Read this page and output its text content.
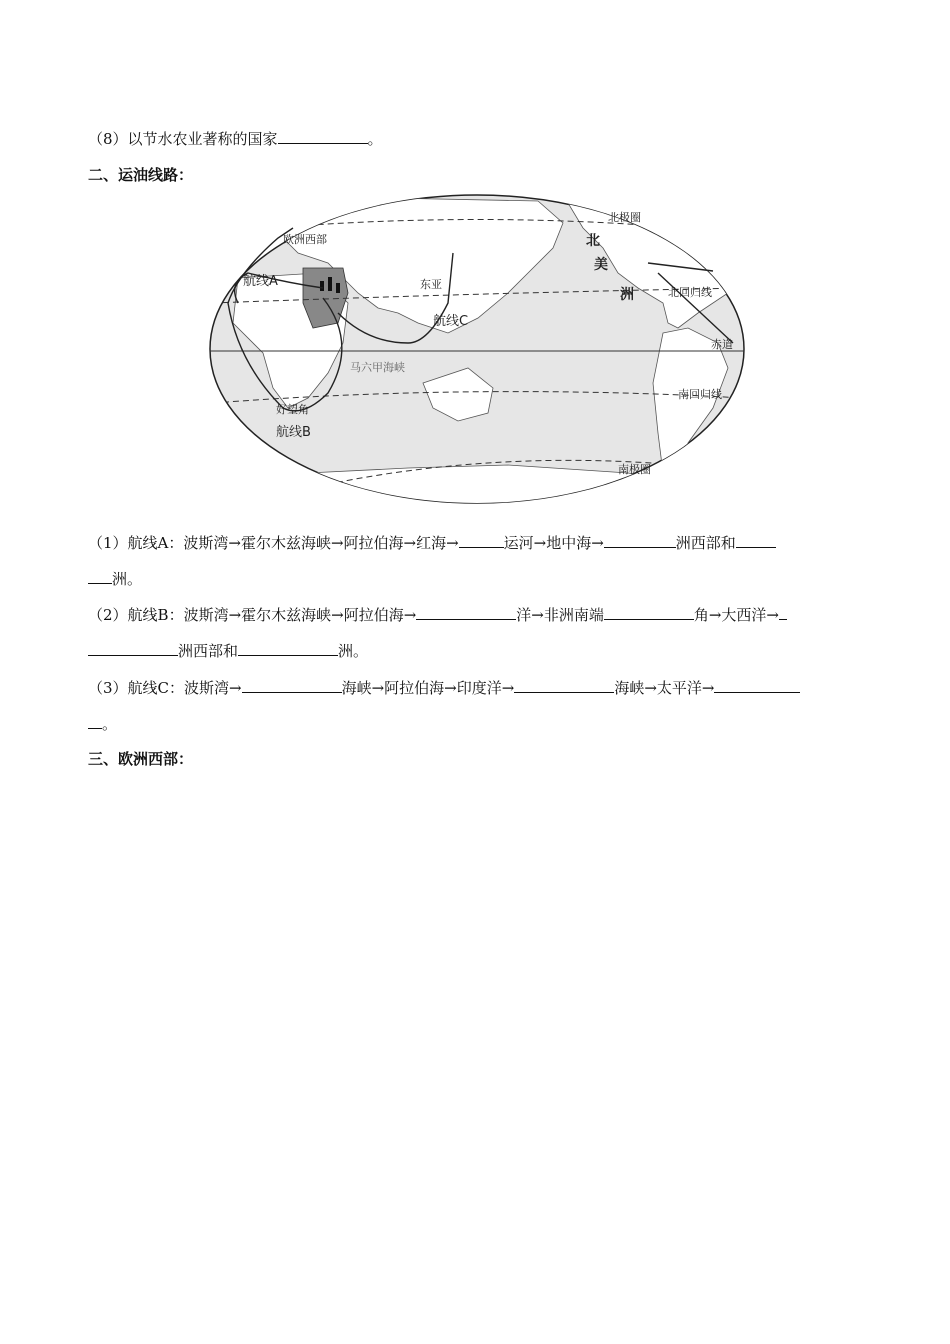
（8）以节水农业著称的国家	。
二、运油线路：
欧洲西部
航线A
航线B
航线C
东亚
好望角
马六甲海峡
北
美
洲
北极圈
北回归线
赤道
南回归线
南极圈
（1）航线A：波斯湾→霍尔木兹海峡→阿拉伯海→红海→	运河→地中海→	洲西部和
洲。
（2）航线B：波斯湾→霍尔木兹海峡→阿拉伯海→	洋→非洲南端	角→大西洋→
洲西部和	洲。
（3）航线C：波斯湾→	海峡→阿拉伯海→印度洋→	海峡→太平洋→
。
三、欧洲西部：
